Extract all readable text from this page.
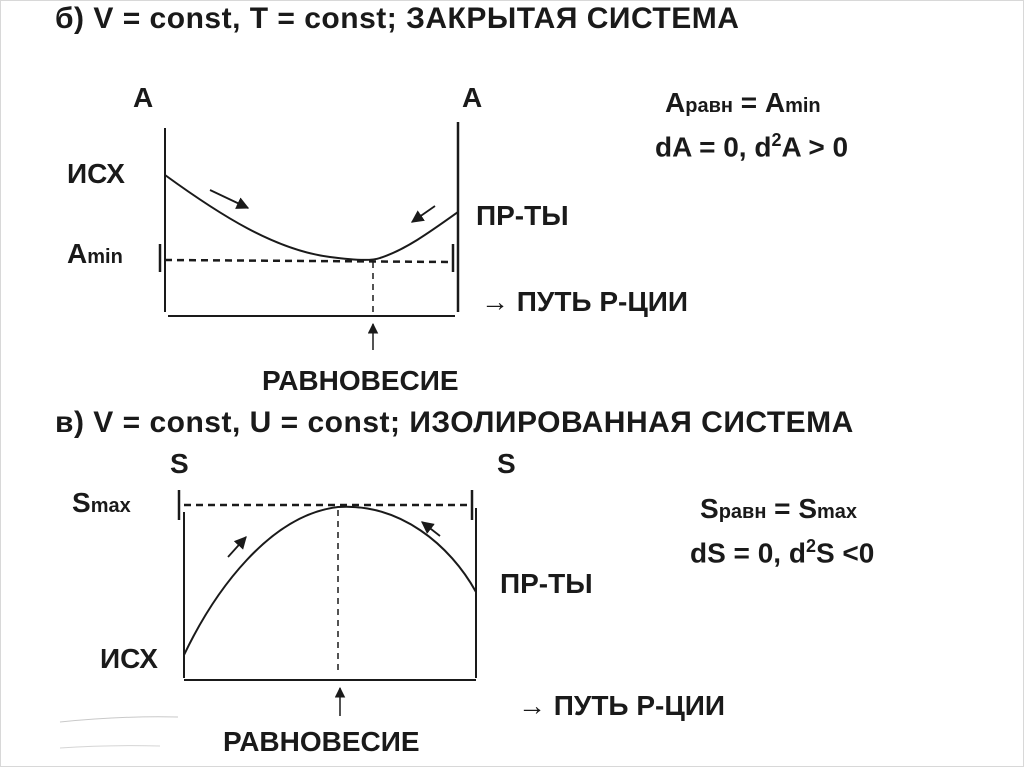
б) V = const, T = const; ЗАКРЫТАЯ СИСТЕМА
A	A
ИСХ
Amin
ПР-ТЫ
→ ПУТЬ Р-ЦИИ
РАВНОВЕСИЕ
Aравн = Amin
dA = 0, $d^2A > 0$
в) V = const, U = const; ИЗОЛИРОВАННАЯ СИСТЕМА
S	S
Smax
ИСХ
ПР-ТЫ
→ ПУТЬ Р-ЦИИ
РАВНОВЕСИЕ
Sравн = Smax
dS = 0, $d^2S <0$
